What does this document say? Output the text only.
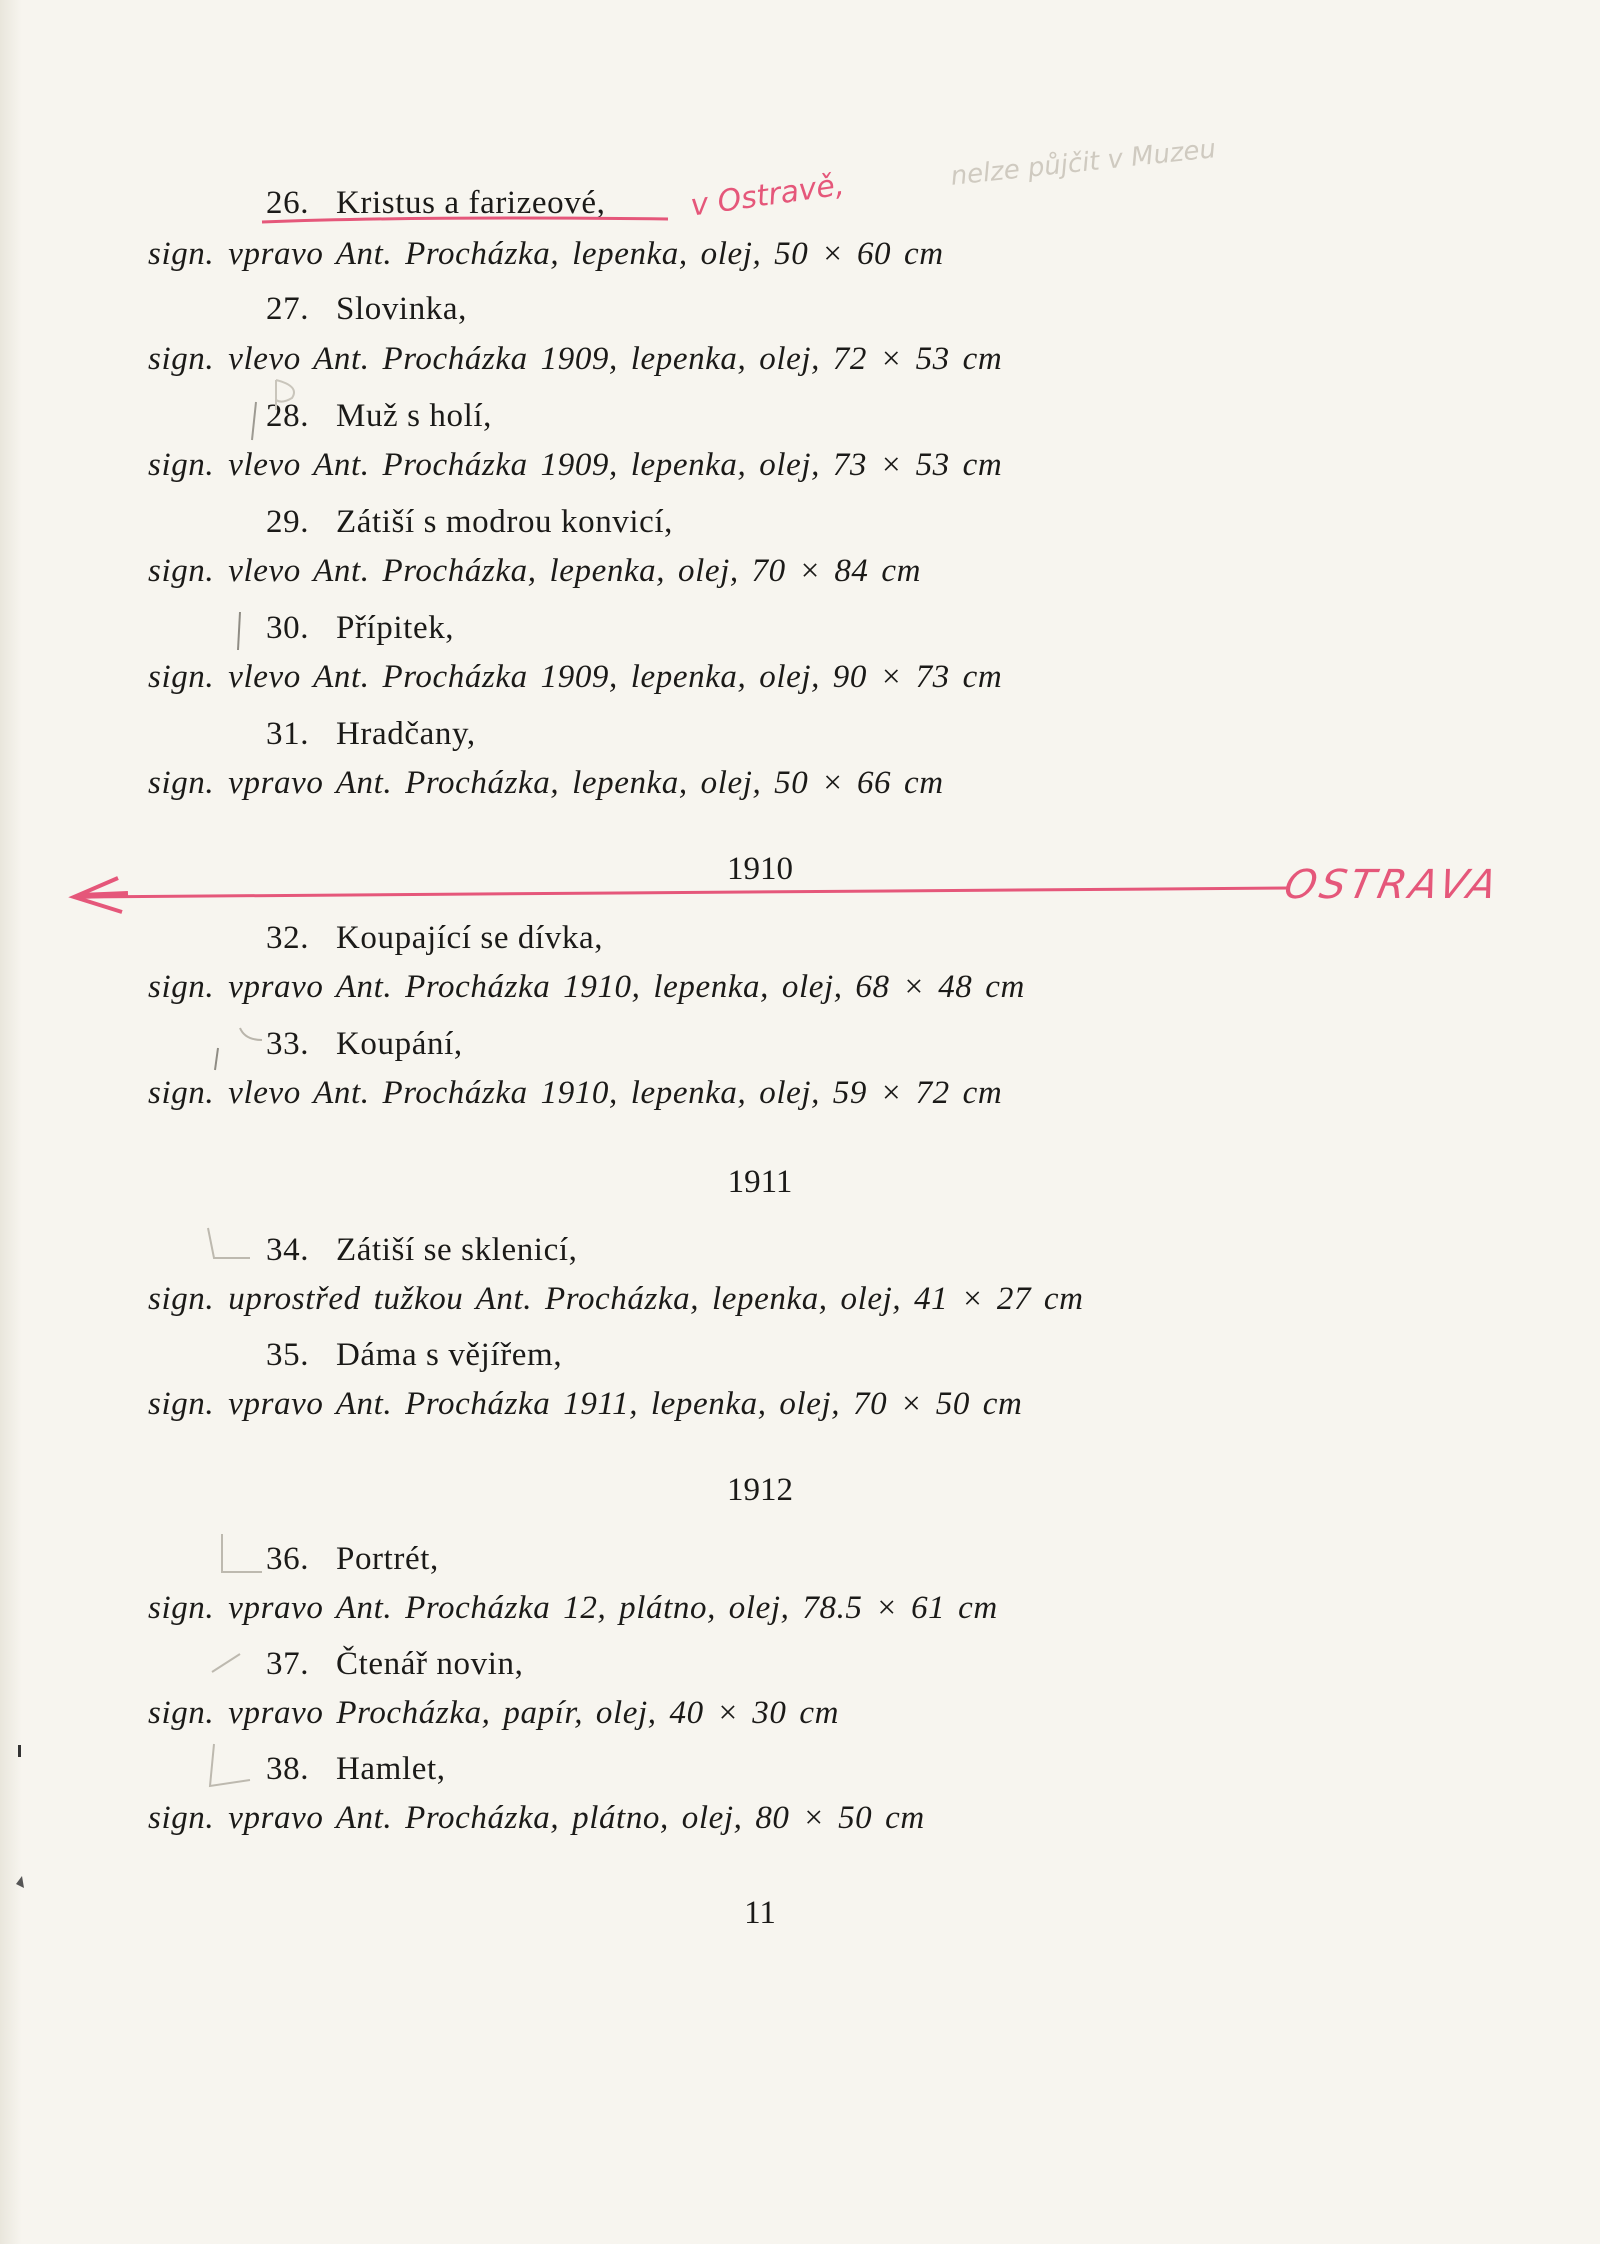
26. Kristus a farizeové,
sign. vpravo Ant. Procházka, lepenka, olej, 50 × 60 cm
27. Slovinka,
sign. vlevo Ant. Procházka 1909, lepenka, olej, 72 × 53 cm
28. Muž s holí,
sign. vlevo Ant. Procházka 1909, lepenka, olej, 73 × 53 cm
29. Zátiší s modrou konvicí,
sign. vlevo Ant. Procházka, lepenka, olej, 70 × 84 cm
30. Přípitek,
sign. vlevo Ant. Procházka 1909, lepenka, olej, 90 × 73 cm
31. Hradčany,
sign. vpravo Ant. Procházka, lepenka, olej, 50 × 66 cm
1910
32. Koupající se dívka,
sign. vpravo Ant. Procházka 1910, lepenka, olej, 68 × 48 cm
33. Koupání,
sign. vlevo Ant. Procházka 1910, lepenka, olej, 59 × 72 cm
1911
34. Zátiší se sklenicí,
sign. uprostřed tužkou Ant. Procházka, lepenka, olej, 41 × 27 cm
35. Dáma s vějířem,
sign. vpravo Ant. Procházka 1911, lepenka, olej, 70 × 50 cm
1912
36. Portrét,
sign. vpravo Ant. Procházka 12, plátno, olej, 78.5 × 61 cm
37. Čtenář novin,
sign. vpravo Procházka, papír, olej, 40 × 30 cm
38. Hamlet,
sign. vpravo Ant. Procházka, plátno, olej, 80 × 50 cm
11
nelze půjčit v Muzeu
v Ostravě,
OSTRAVA
